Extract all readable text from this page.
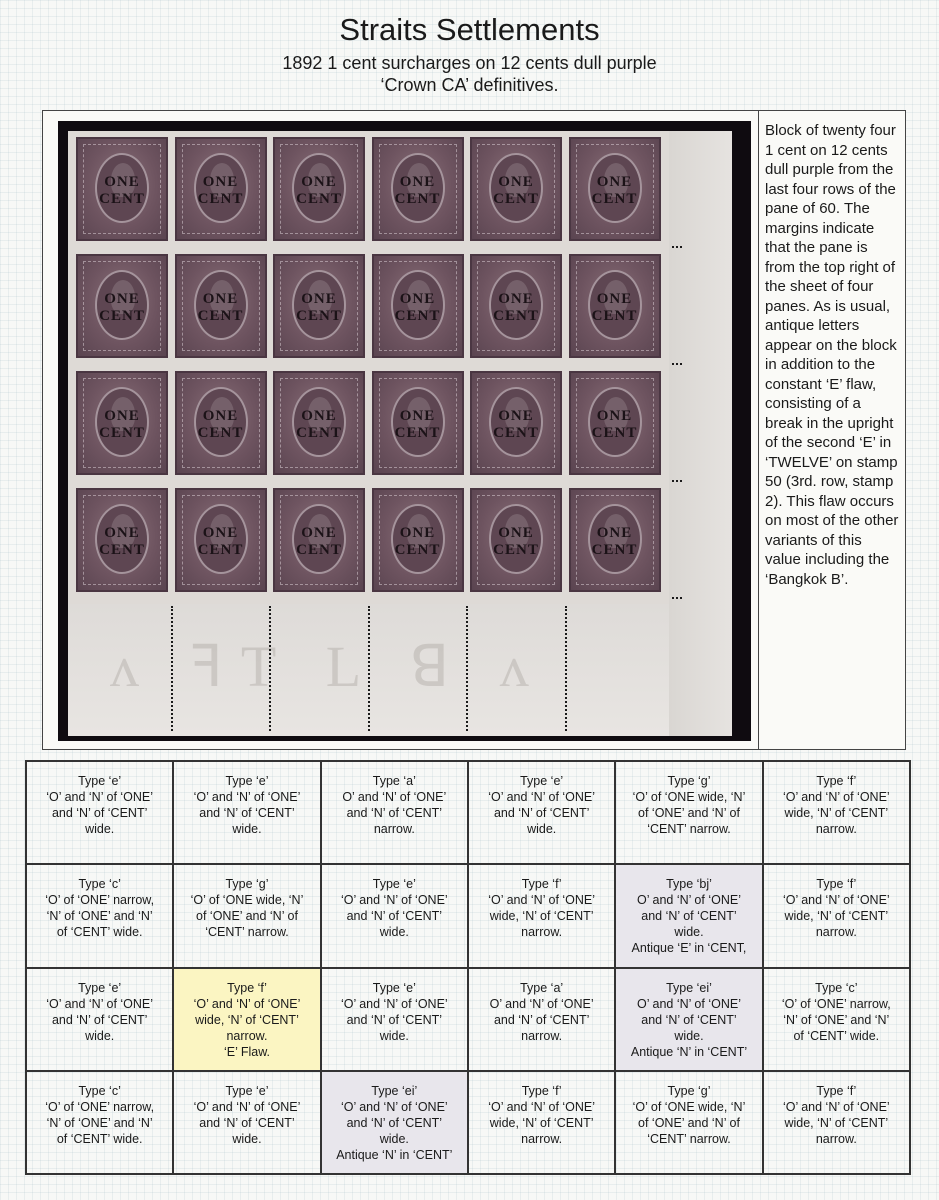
Straits Settlements
1892 1 cent surcharges on 12 cents dull purple
‘Crown CA’ definitives.
ᴧ ꟻT L ꓭ ᴧ
ONE
CENT
ONE
CENT
ONE
CENT
ONE
CENT
ONE
CENT
ONE
CENT
ONE
CENT
ONE
CENT
ONE
CENT
ONE
CENT
ONE
CENT
ONE
CENT
ONE
CENT
ONE
CENT
ONE
CENT
ONE
CENT
ONE
CENT
ONE
CENT
ONE
CENT
ONE
CENT
ONE
CENT
ONE
CENT
ONE
CENT
ONE
CENT
Block of twenty four 1 cent on 12 cents dull purple from the last four rows of the pane of 60. The margins indicate that the pane is from the top right of the sheet of four panes. As is usual, antique letters appear on the block in addition to the constant ‘E’ flaw, consisting of a break in the upright of the second ‘E’ in ‘TWELVE’ on stamp 50 (3rd. row, stamp 2). This flaw occurs on most of the other variants of this value including the ‘Bangkok B’.
Type ‘e’
‘O’ and ‘N’ of ‘ONE’
and ‘N’ of ‘CENT’
wide.
Type ‘e’
‘O’ and ‘N’ of ‘ONE’
and ‘N’ of ‘CENT’
wide.
Type ‘a’
O’ and ‘N’ of ‘ONE’
and ‘N’ of ‘CENT’
narrow.
Type ‘e’
‘O’ and ‘N’ of ‘ONE’
and ‘N’ of ‘CENT’
wide.
Type ‘g’
‘O’ of ‘ONE wide, ‘N’
of ‘ONE’ and ‘N’ of
‘CENT’ narrow.
Type ‘f’
‘O’ and ‘N’ of ‘ONE’
wide, ‘N’ of ‘CENT’
narrow.
Type ‘c’
‘O’ of ‘ONE’ narrow,
‘N’ of ‘ONE’ and ‘N’
of ‘CENT’ wide.
Type ‘g’
‘O’ of ‘ONE wide, ‘N’
of ‘ONE’ and ‘N’ of
‘CENT’ narrow.
Type ‘e’
‘O’ and ‘N’ of ‘ONE’
and ‘N’ of ‘CENT’
wide.
Type ‘f’
‘O’ and ‘N’ of ‘ONE’
wide, ‘N’ of ‘CENT’
narrow.
Type ‘bj’
O’ and ‘N’ of ‘ONE’
and ‘N’ of ‘CENT’
wide.
Antique ‘E’ in ‘CENT,
Type ‘f’
‘O’ and ‘N’ of ‘ONE’
wide, ‘N’ of ‘CENT’
narrow.
Type ‘e’
‘O’ and ‘N’ of ‘ONE’
and ‘N’ of ‘CENT’
wide.
Type ‘f’
‘O’ and ‘N’ of ‘ONE’
wide, ‘N’ of ‘CENT’
narrow.
‘E’ Flaw.
Type ‘e’
‘O’ and ‘N’ of ‘ONE’
and ‘N’ of ‘CENT’
wide.
Type ‘a’
O’ and ‘N’ of ‘ONE’
and ‘N’ of ‘CENT’
narrow.
Type ‘ei’
O’ and ‘N’ of ‘ONE’
and ‘N’ of ‘CENT’
wide.
Antique ‘N’ in ‘CENT’
Type ‘c’
‘O’ of ‘ONE’ narrow,
‘N’ of ‘ONE’ and ‘N’
of ‘CENT’ wide.
Type ‘c’
‘O’ of ‘ONE’ narrow,
‘N’ of ‘ONE’ and ‘N’
of ‘CENT’ wide.
Type ‘e’
‘O’ and ‘N’ of ‘ONE’
and ‘N’ of ‘CENT’
wide.
Type ‘ei’
‘O’ and ‘N’ of ‘ONE’
and ‘N’ of ‘CENT’
wide.
Antique ‘N’ in ‘CENT’
Type ‘f’
‘O’ and ‘N’ of ‘ONE’
wide, ‘N’ of ‘CENT’
narrow.
Type ‘g’
‘O’ of ‘ONE wide, ‘N’
of ‘ONE’ and ‘N’ of
‘CENT’ narrow.
Type ‘f’
‘O’ and ‘N’ of ‘ONE’
wide, ‘N’ of ‘CENT’
narrow.
